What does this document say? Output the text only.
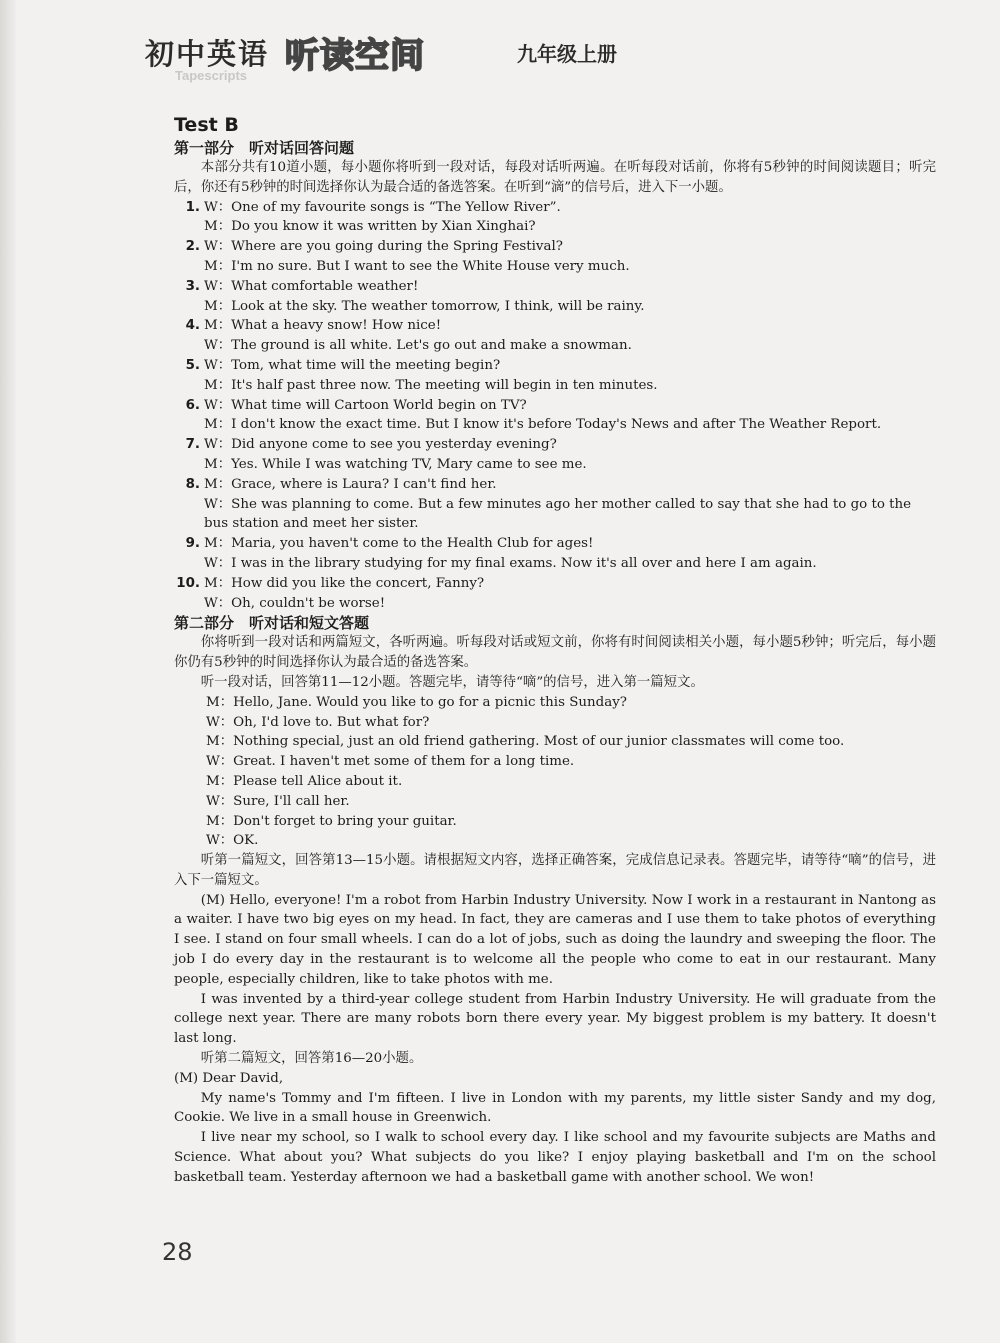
初中英语 听读空间	九年级上册
Tapescripts

Test B

第一部分　听对话回答问题

本部分共有10道小题，每小题你将听到一段对话，每段对话听两遍。在听每段对话前，你将有5秒钟的时间阅读题目；听完后，你还有5秒钟的时间选择你认为最合适的备选答案。在听到“滴”的信号后，进入下一小题。

1. W：One of my favourite songs is “The Yellow River”.

M：Do you know it was written by Xian Xinghai?

2. W：Where are you going during the Spring Festival?

M：I'm no sure. But I want to see the White House very much.

3. W：What comfortable weather!

M：Look at the sky. The weather tomorrow, I think, will be rainy.

4. M：What a heavy snow! How nice!

W：The ground is all white. Let's go out and make a snowman.

5. W：Tom, what time will the meeting begin?

M：It's half past three now. The meeting will begin in ten minutes.

6. W：What time will Cartoon World begin on TV?

M：I don't know the exact time. But I know it's before Today's News and after The Weather Report.

7. W：Did anyone come to see you yesterday evening?

M：Yes. While I was watching TV, Mary came to see me.

8. M：Grace, where is Laura? I can't find her.

W：She was planning to come. But a few minutes ago her mother called to say that she had to go to the bus station and meet her sister.

9. M：Maria, you haven't come to the Health Club for ages!

W：I was in the library studying for my final exams. Now it's all over and here I am again.

10. M：How did you like the concert, Fanny?

W：Oh, couldn't be worse!

第二部分　听对话和短文答题

你将听到一段对话和两篇短文，各听两遍。听每段对话或短文前，你将有时间阅读相关小题，每小题5秒钟；听完后，每小题你仍有5秒钟的时间选择你认为最合适的备选答案。

听一段对话，回答第11—12小题。答题完毕，请等待“嘀”的信号，进入第一篇短文。

M：Hello, Jane. Would you like to go for a picnic this Sunday?

W：Oh, I'd love to. But what for?

M：Nothing special, just an old friend gathering. Most of our junior classmates will come too.

W：Great. I haven't met some of them for a long time.

M：Please tell Alice about it.

W：Sure, I'll call her.

M：Don't forget to bring your guitar.

W：OK.

听第一篇短文，回答第13—15小题。请根据短文内容，选择正确答案，完成信息记录表。答题完毕，请等待“嘀”的信号，进入下一篇短文。

(M) Hello, everyone! I'm a robot from Harbin Industry University. Now I work in a restaurant in Nantong as a waiter. I have two big eyes on my head. In fact, they are cameras and I use them to take photos of everything I see. I stand on four small wheels. I can do a lot of jobs, such as doing the laundry and sweeping the floor. The job I do every day in the restaurant is to welcome all the people who come to eat in our restaurant. Many people, especially children, like to take photos with me.

I was invented by a third-year college student from Harbin Industry University. He will graduate from the college next year. There are many robots born there every year. My biggest problem is my battery. It doesn't last long.

听第二篇短文，回答第16—20小题。

(M) Dear David,

My name's Tommy and I'm fifteen. I live in London with my parents, my little sister Sandy and my dog, Cookie. We live in a small house in Greenwich.

I live near my school, so I walk to school every day. I like school and my favourite subjects are Maths and Science. What about you? What subjects do you like? I enjoy playing basketball and I'm on the school basketball team. Yesterday afternoon we had a basketball game with another school. We won!

28
